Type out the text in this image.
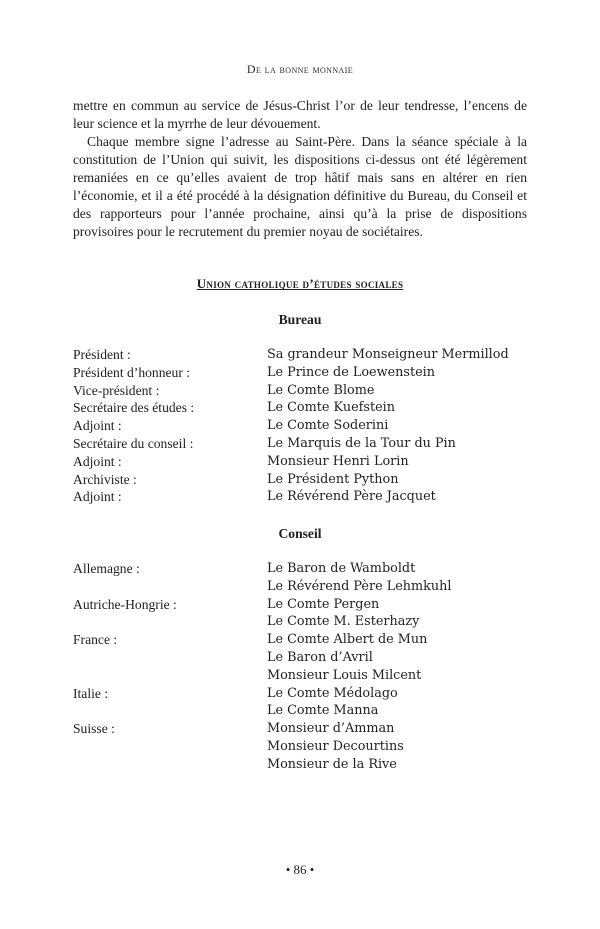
De la bonne monnaie

mettre en commun au service de Jésus-Christ l’or de leur tendresse, l’encens de leur science et la myrrhe de leur dévouement.

Chaque membre signe l’adresse au Saint-Père. Dans la séance spéciale à la constitution de l’Union qui suivit, les dispositions ci-dessus ont été légèrement remaniées en ce qu’elles avaient de trop hâtif mais sans en altérer en rien l’économie, et il a été procédé à la désignation définitive du Bureau, du Conseil et des rapporteurs pour l’année prochaine, ainsi qu’à la prise de dispositions provisoires pour le recrutement du premier noyau de sociétaires.

Union catholique d’études sociales
Bureau
Président :	Sa grandeur Monseigneur Mermillod
Président d’honneur :	Le Prince de Loewenstein
Vice-président :	Le Comte Blome
Secrétaire des études :	Le Comte Kuefstein
Adjoint :	Le Comte Soderini
Secrétaire du conseil :	Le Marquis de la Tour du Pin
Adjoint :	Monsieur Henri Lorin
Archiviste :	Le Président Python
Adjoint :	Le Révérend Père Jacquet
Conseil
Allemagne :	Le Baron de Wamboldt
Le Révérend Père Lehmkuhl
Autriche-Hongrie :	Le Comte Pergen
Le Comte M. Esterhazy
France :	Le Comte Albert de Mun
Le Baron d’Avril
Monsieur Louis Milcent
Italie :	Le Comte Médolago
Le Comte Manna
Suisse :	Monsieur d’Amman
Monsieur Decourtins
Monsieur de la Rive
• 86 •
